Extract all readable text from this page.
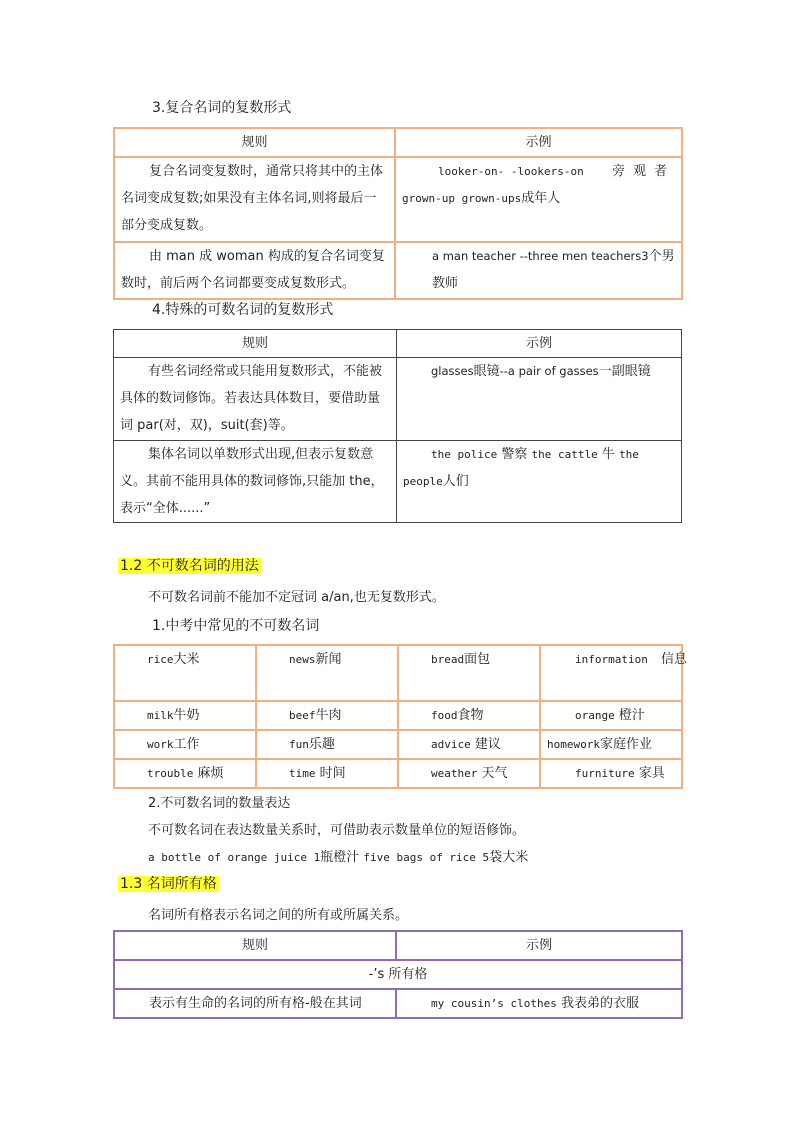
3.复合名词的复数形式
规则	示例
复合名词变复数时，通常只将其中的主体名词变成复数;如果没有主体名词,则将最后一部分变成复数。	looker-on- -lookers-on 旁观者
grown-up grown-ups成年人

由 man 成 woman 构成的复合名词变复数时，前后两个名词都要变成复数形式。	a man teacher --three men teachers3个男教师
4.特殊的可数名词的复数形式
规则	示例
有些名词经常或只能用复数形式，不能被具体的数词修饰。若表达具体数目，要借助量词 par(对，双)，suit(套)等。	glasses眼镜--a pair of gasses一副眼镜
集体名词以单数形式出现,但表示复数意义。其前不能用具体的数词修饰,只能加 the，表示“全体......”	the police 警察 the cattle 牛 the people人们
1.2 不可数名词的用法
不可数名词前不能加不定冠词 a/an,也无复数形式。
1.中考中常见的不可数名词
rice大米	news新闻	bread面包	information 信息

milk牛奶	beef牛肉	food食物	orange 橙汁
work工作	fun乐趣	advice 建议	homework家庭作业
trouble 麻烦	time 时间	weather 天气	furniture 家具
2.不可数名词的数量表达
不可数名词在表达数量关系时，可借助表示数量单位的短语修饰。
a bottle of orange juice 1瓶橙汁 five bags of rice 5袋大米
1.3 名词所有格
名词所有格表示名词之间的所有或所属关系。
规则	示例
-’s 所有格	
表示有生命的名词的所有格-般在其词	my cousin’s clothes 我表弟的衣服
